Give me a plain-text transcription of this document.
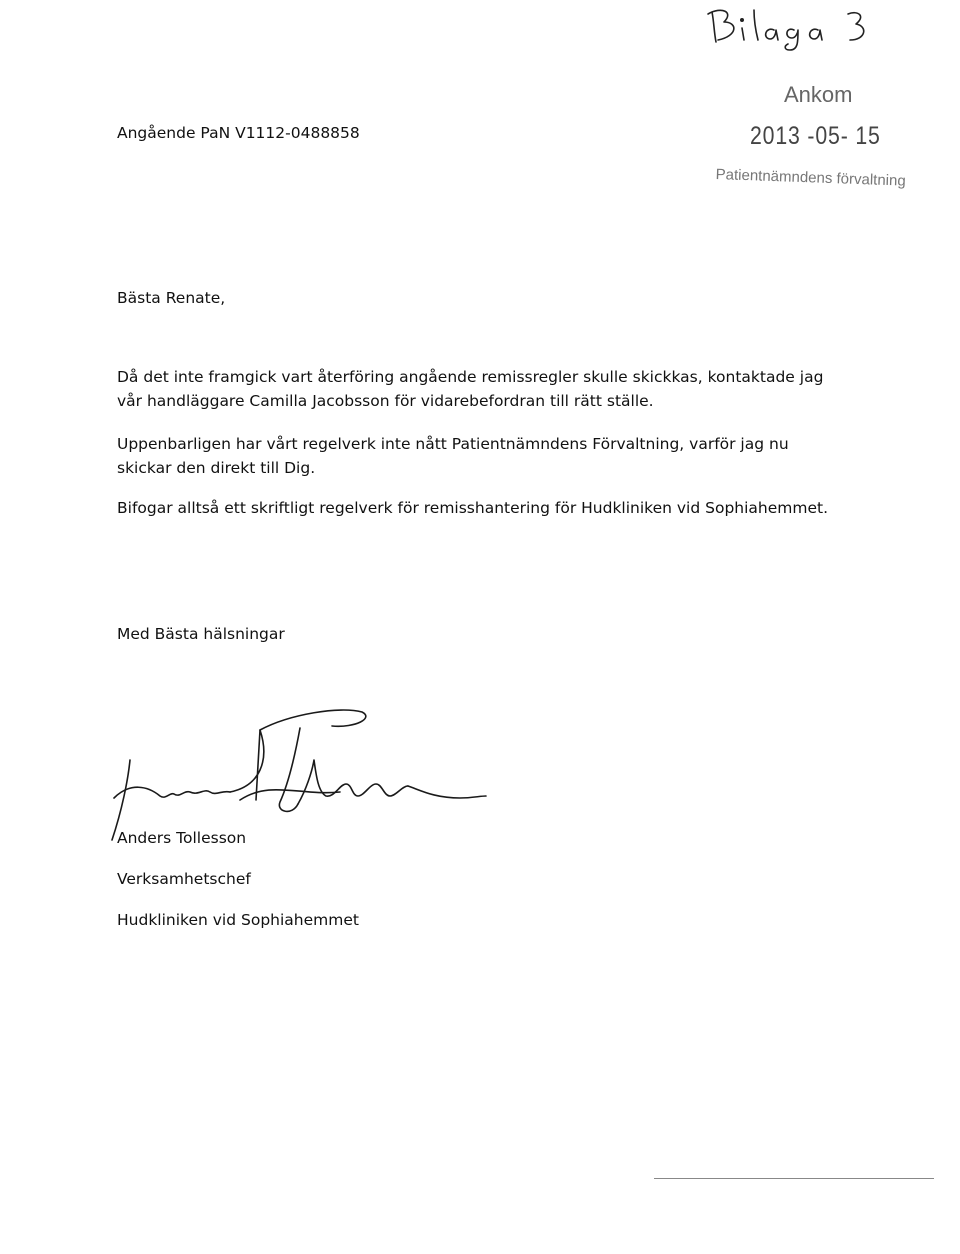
Ankom
2013 -05- 15
Patientnämndens förvaltning
Angående PaN V1112-0488858
Bästa Renate,
Då det inte framgick vart återföring angående remissregler skulle skickkas, kontaktade jag vår handläggare Camilla Jacobsson för vidarebefordran till rätt ställe.
Uppenbarligen har vårt regelverk inte nått Patientnämndens Förvaltning, varför jag nu skickar den direkt till Dig.
Bifogar alltså ett skriftligt regelverk för remisshantering för Hudkliniken vid Sophiahemmet.
Med Bästa hälsningar
Anders Tollesson
Verksamhetschef
Hudkliniken vid Sophiahemmet
